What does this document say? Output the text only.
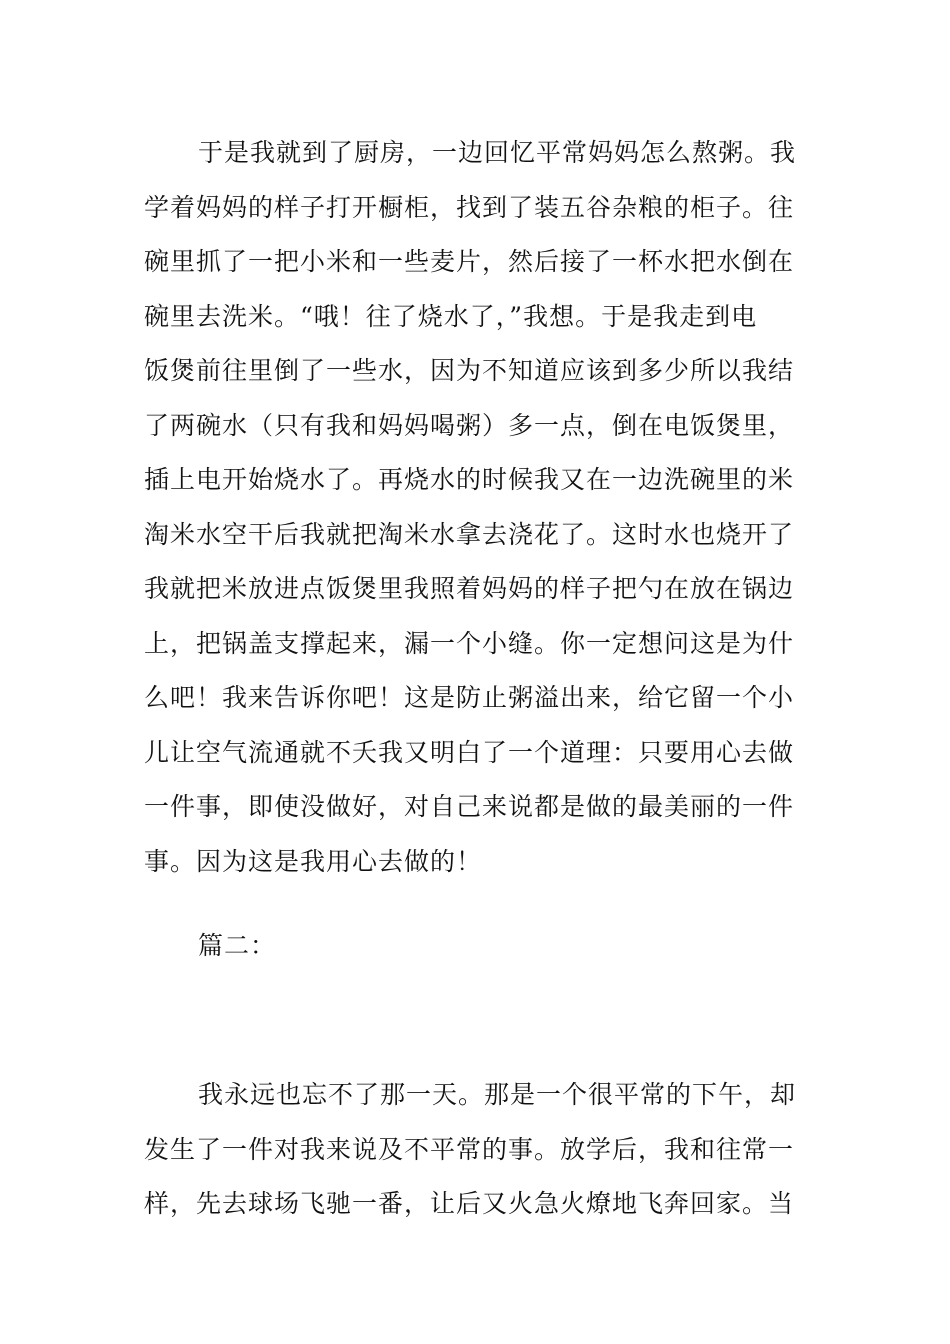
于是我就到了厨房，一边回忆平常妈妈怎么熬粥。我
学着妈妈的样子打开橱柜，找到了装五谷杂粮的柜子。往
碗里抓了一把小米和一些麦片，然后接了一杯水把水倒在
碗里去洗米。“哦！往了烧水了，”我想。于是我走到电
饭煲前往里倒了一些水，因为不知道应该到多少所以我结
了两碗水（只有我和妈妈喝粥）多一点，倒在电饭煲里，
插上电开始烧水了。再烧水的时候我又在一边洗碗里的米
淘米水空干后我就把淘米水拿去浇花了。这时水也烧开了
我就把米放进点饭煲里我照着妈妈的样子把勺在放在锅边
上，把锅盖支撑起来，漏一个小缝。你一定想问这是为什
么吧！我来告诉你吧！这是防止粥溢出来，给它留一个小
儿让空气流通就不夭我又明白了一个道理：只要用心去做
一件事，即使没做好，对自己来说都是做的最美丽的一件
事。因为这是我用心去做的！
篇二：
我永远也忘不了那一天。那是一个很平常的下午，却
发生了一件对我来说及不平常的事。放学后，我和往常一
样，先去球场飞驰一番，让后又火急火燎地飞奔回家。当
